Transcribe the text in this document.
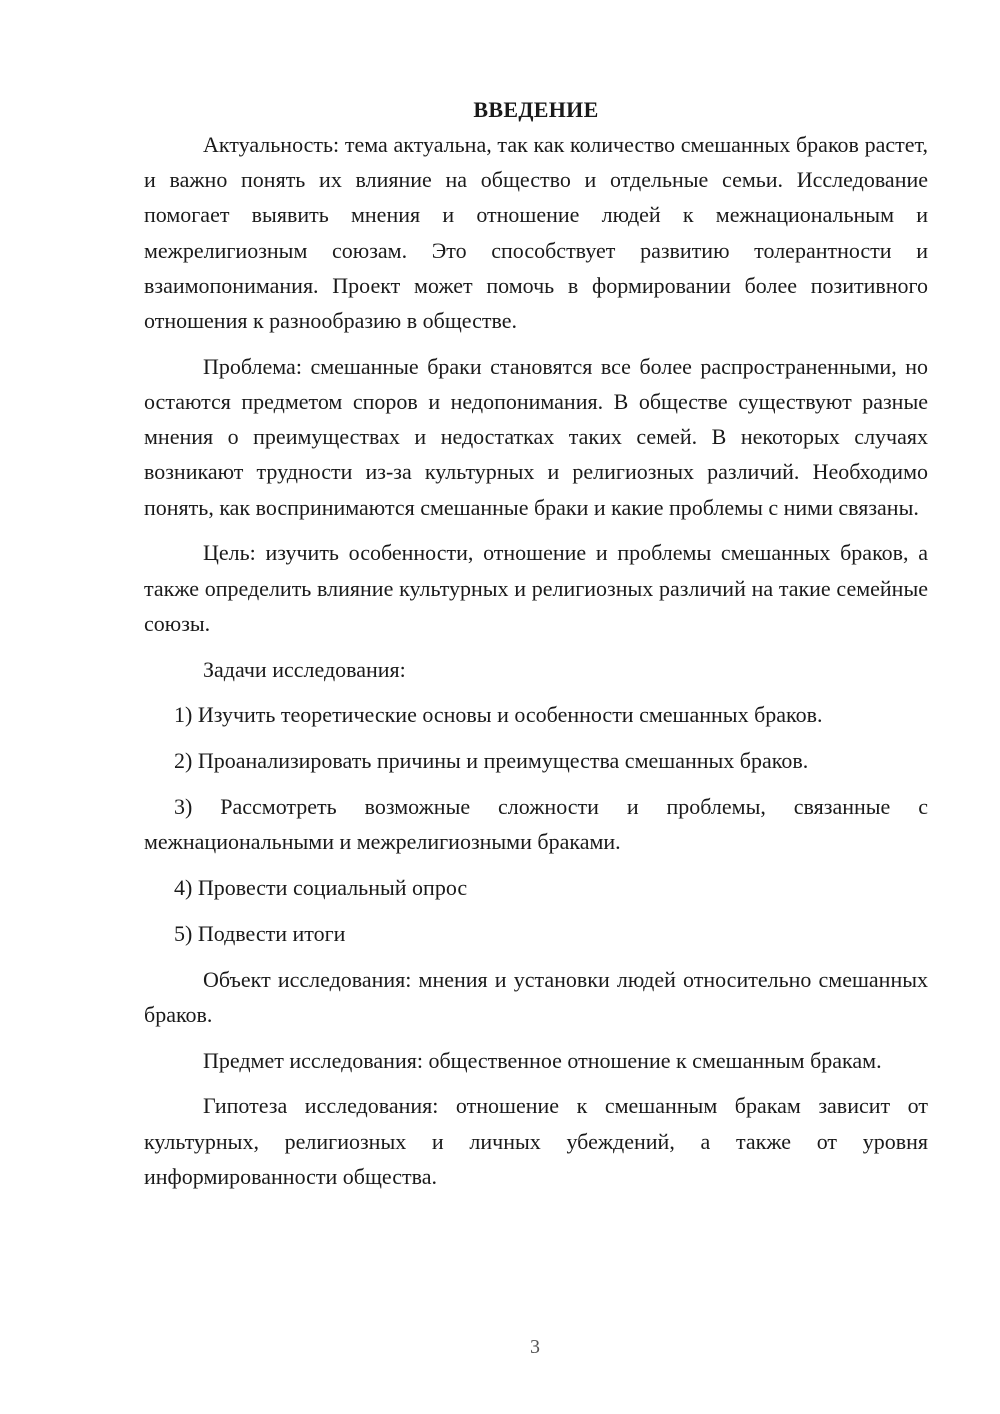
ВВЕДЕНИЕ

Актуальность: тема актуальна, так как количество смешанных браков растет, и важно понять их влияние на общество и отдельные семьи. Исследование помогает выявить мнения и отношение людей к межнациональным и межрелигиозным союзам. Это способствует развитию толерантности и взаимопонимания. Проект может помочь в формировании более позитивного отношения к разнообразию в обществе.

Проблема: смешанные браки становятся все более распространенными, но остаются предметом споров и недопонимания. В обществе существуют разные мнения о преимуществах и недостатках таких семей. В некоторых случаях возникают трудности из-за культурных и религиозных различий. Необходимо понять, как воспринимаются смешанные браки и какие проблемы с ними связаны.

Цель: изучить особенности, отношение и проблемы смешанных браков, а также определить влияние культурных и религиозных различий на такие семейные союзы.

Задачи исследования:

1) Изучить теоретические основы и особенности смешанных браков.

2) Проанализировать причины и преимущества смешанных браков.

3) Рассмотреть возможные сложности и проблемы, связанные с межнациональными и межрелигиозными браками.

4) Провести социальный опрос

5) Подвести итоги

Объект исследования: мнения и установки людей относительно смешанных браков.

Предмет исследования: общественное отношение к смешанным бракам.

Гипотеза исследования: отношение к смешанным бракам зависит от культурных, религиозных и личных убеждений, а также от уровня информированности общества.

3
